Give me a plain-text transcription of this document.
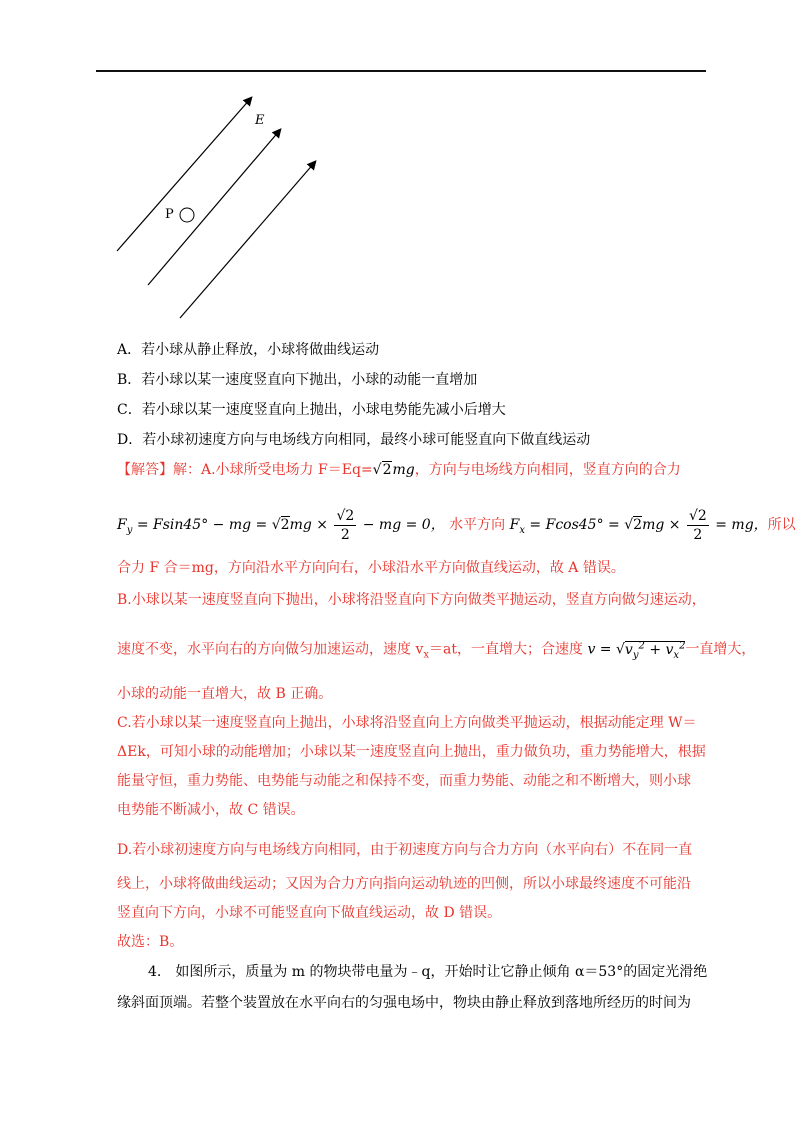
E
P
A．若小球从静止释放，小球将做曲线运动
B．若小球以某一速度竖直向下抛出，小球的动能一直增加
C．若小球以某一速度竖直向上抛出，小球电势能先减小后增大
D．若小球初速度方向与电场线方向相同，最终小球可能竖直向下做直线运动
【解答】解：A.小球所受电场力 F＝Eq=√2mg，方向与电场线方向相同，竖直方向的合力
$F_y = Fsin45^\circ$ − mg = $√2mg \times \frac{√2}{2}$ − mg = 0， 水平方向 $F_x = Fcos45^\circ = √2mg \times \frac{√2}{2}$ = mg，所以
合力 F 合＝mg，方向沿水平方向向右，小球沿水平方向做直线运动，故 A 错误。
B.小球以某一速度竖直向下抛出，小球将沿竖直向下方向做类平抛运动，竖直方向做匀速运动，
速度不变，水平向右的方向做匀加速运动，速度 $v_x=at$，一直增大；合速度 $v = √v_y^2 + v_x^2$一直增大，
小球的动能一直增大，故 B 正确。
C.若小球以某一速度竖直向上抛出，小球将沿竖直向上方向做类平抛运动，根据动能定理 W＝
ΔEk，可知小球的动能增加；小球以某一速度竖直向上抛出，重力做负功，重力势能增大，根据
能量守恒，重力势能、电势能与动能之和保持不变，而重力势能、动能之和不断增大，则小球
电势能不断减小，故 C 错误。
D.若小球初速度方向与电场线方向相同，由于初速度方向与合力方向（水平向右）不在同一直
线上，小球将做曲线运动；又因为合力方向指向运动轨迹的凹侧，所以小球最终速度不可能沿
竖直向下方向，小球不可能竖直向下做直线运动，故 D 错误。
故选：B。
4.　如图所示，质量为 m 的物块带电量为﹣q，开始时让它静止倾角 α＝53°的固定光滑绝
缘斜面顶端。若整个装置放在水平向右的匀强电场中，物块由静止释放到落地所经历的时间为
